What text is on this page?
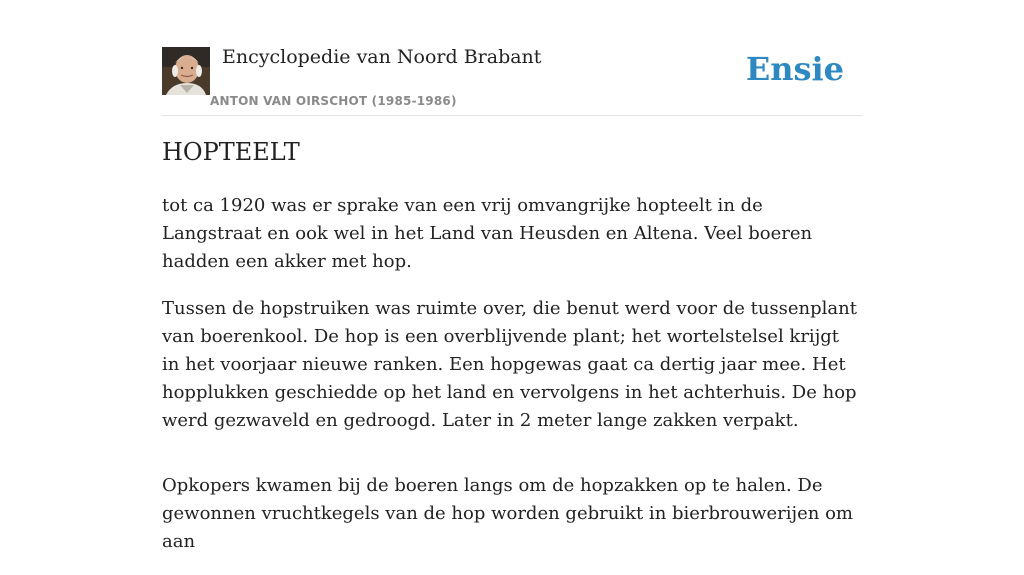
Encyclopedie van Noord Brabant
ANTON VAN OIRSCHOT (1985-1986)
Ensie
HOPTEELT

tot ca 1920 was er sprake van een vrij omvangrijke hopteelt in de Langstraat en ook wel in het Land van Heusden en Altena. Veel boeren hadden een akker met hop.

Tussen de hopstruiken was ruimte over, die benut werd voor de tussenplant van boerenkool. De hop is een overblijvende plant; het wortelstelsel krijgt in het voorjaar nieuwe ranken. Een hopgewas gaat ca dertig jaar mee. Het hopplukken geschiedde op het land en vervolgens in het achterhuis. De hop werd gezwaveld en gedroogd. Later in 2 meter lange zakken verpakt.

Opkopers kwamen bij de boeren langs om de hopzakken op te halen. De gewonnen vruchtkegels van de hop worden gebruikt in bierbrouwerijen om aan
